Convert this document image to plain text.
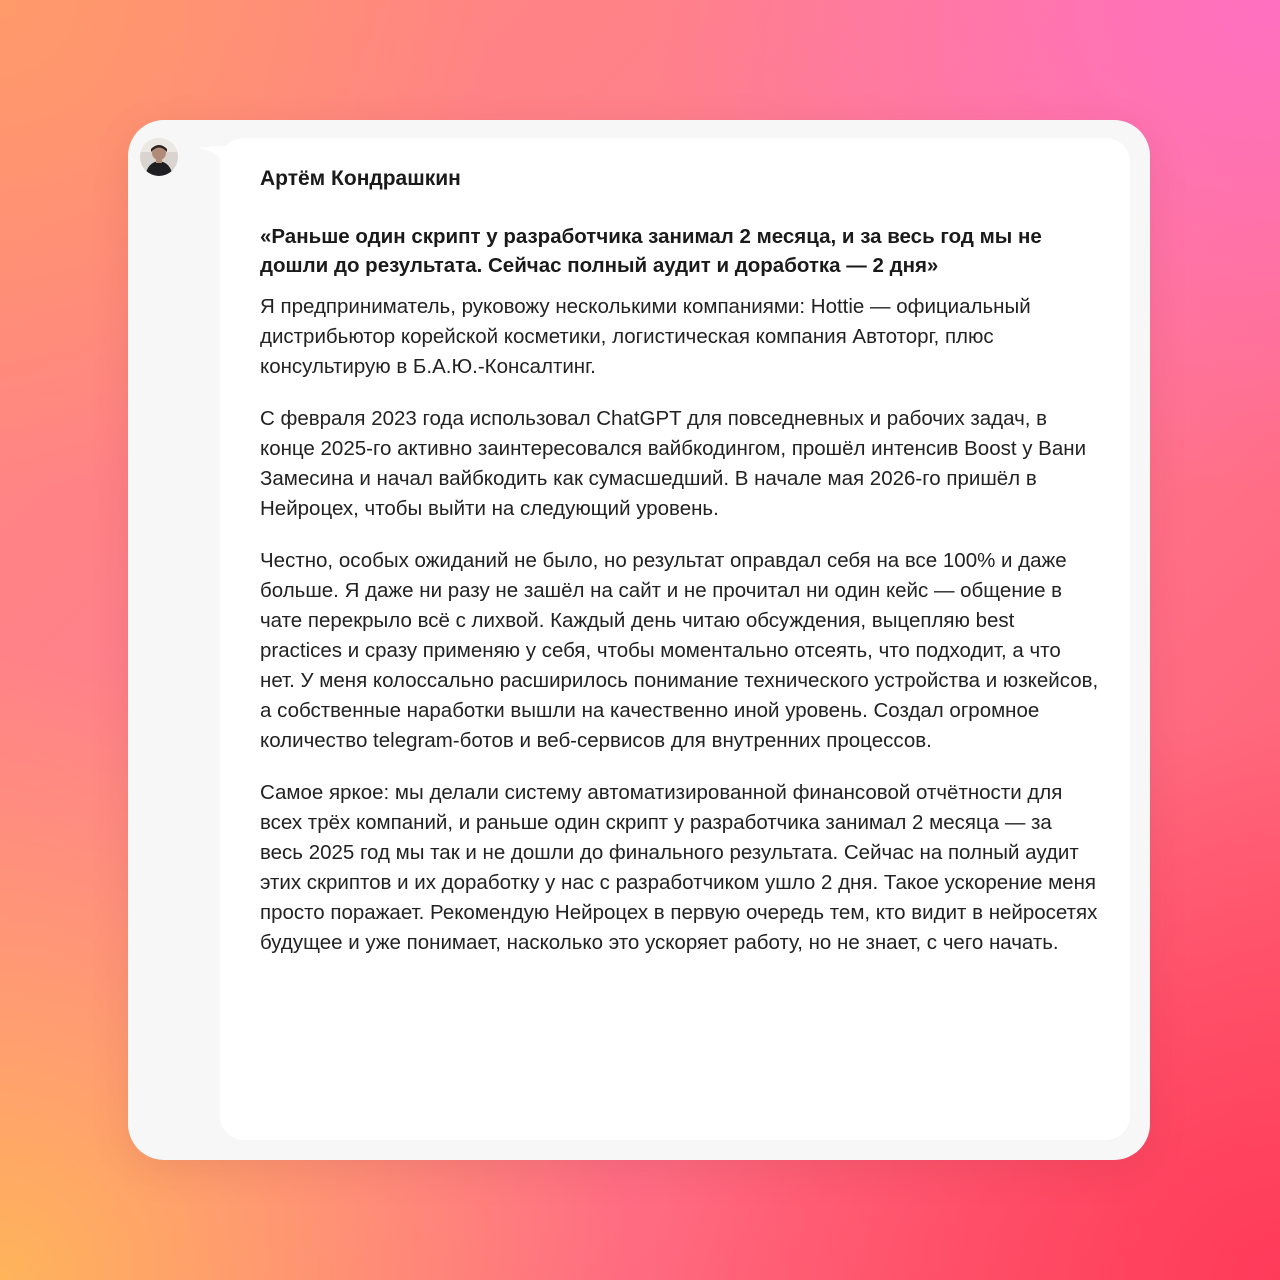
Артём Кондрашкин
«Раньше один скрипт у разработчика занимал 2 месяца, и за весь год мы не дошли до результата. Сейчас полный аудит и доработка — 2 дня»
Я предприниматель, руковожу несколькими компаниями: Hottie — официальный дистрибьютор корейской косметики, логистическая компания Автоторг, плюс консультирую в Б.А.Ю.-Консалтинг.
С февраля 2023 года использовал ChatGPT для повседневных и рабочих задач, в конце 2025-го активно заинтересовался вайбкодингом, прошёл интенсив Boost у Вани Замесина и начал вайбкодить как сумасшедший. В начале мая 2026-го пришёл в Нейроцех, чтобы выйти на следующий уровень.
Честно, особых ожиданий не было, но результат оправдал себя на все 100% и даже больше. Я даже ни разу не зашёл на сайт и не прочитал ни один кейс — общение в чате перекрыло всё с лихвой. Каждый день читаю обсуждения, выцепляю best practices и сразу применяю у себя, чтобы моментально отсеять, что подходит, а что нет. У меня колоссально расширилось понимание технического устройства и юзкейсов, а собственные наработки вышли на качественно иной уровень. Создал огромное количество telegram-ботов и веб-сервисов для внутренних процессов.
Самое яркое: мы делали систему автоматизированной финансовой отчётности для всех трёх компаний, и раньше один скрипт у разработчика занимал 2 месяца — за весь 2025 год мы так и не дошли до финального результата. Сейчас на полный аудит этих скриптов и их доработку у нас с разработчиком ушло 2 дня. Такое ускорение меня просто поражает. Рекомендую Нейроцех в первую очередь тем, кто видит в нейросетях будущее и уже понимает, насколько это ускоряет работу, но не знает, с чего начать.
